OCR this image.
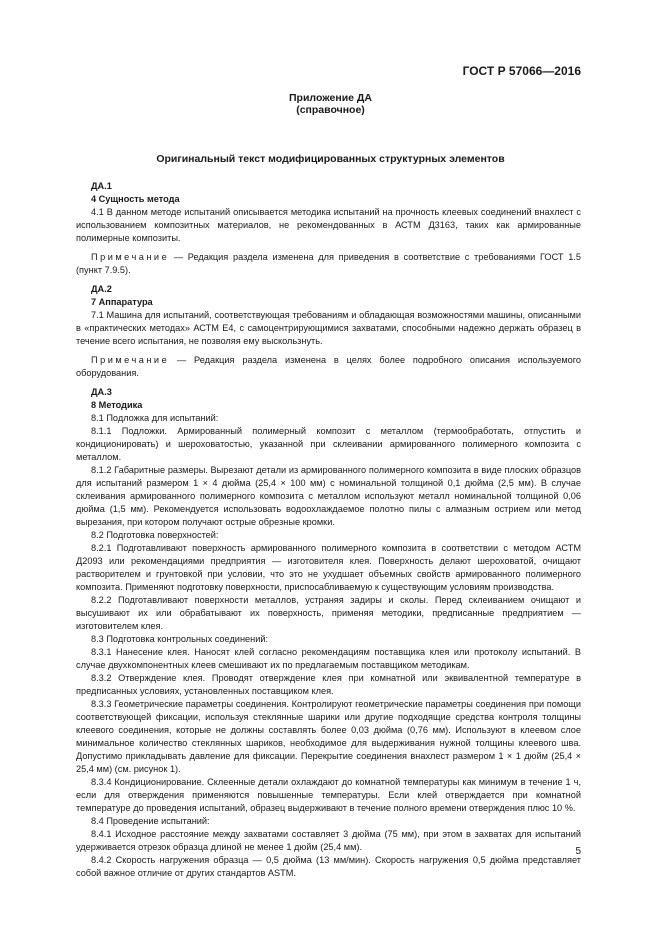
ГОСТ Р 57066—2016
Приложение ДА
(справочное)
Оригинальный текст модифицированных структурных элементов

ДА.1

4 Сущность метода

4.1 В данном методе испытаний описывается методика испытаний на прочность клеевых соединений внахлест с использованием композитных материалов, не рекомендованных в АСТМ Д3163, таких как армированные полимерные композиты.

Примечание — Редакция раздела изменена для приведения в соответствие с требованиями ГОСТ 1.5 (пункт 7.9.5).

ДА.2

7 Аппаратура

7.1 Машина для испытаний, соответствующая требованиям и обладающая возможностями машины, описанными в «практических методах» АСТМ Е4, с самоцентрирующимися захватами, способными надежно держать образец в течение всего испытания, не позволяя ему выскользнуть.

Примечание — Редакция раздела изменена в целях более подробного описания используемого оборудования.

ДА.3

8 Методика

8.1 Подложка для испытаний:

8.1.1 Подложки. Армированный полимерный композит с металлом (термообработать, отпустить и кондиционировать) и шероховатостью, указанной при склеивании армированного полимерного композита с металлом.

8.1.2 Габаритные размеры. Вырезают детали из армированного полимерного композита в виде плоских образцов для испытаний размером 1 × 4 дюйма (25,4 × 100 мм) с номинальной толщиной 0,1 дюйма (2,5 мм). В случае склеивания армированного полимерного композита с металлом используют металл номинальной толщиной 0,06 дюйма (1,5 мм). Рекомендуется использовать водоохлаждаемое полотно пилы с алмазным острием или метод вырезания, при котором получают острые обрезные кромки.

8.2 Подготовка поверхностей:

8.2.1 Подготавливают поверхность армированного полимерного композита в соответствии с методом АСТМ Д2093 или рекомендациями предприятия — изготовителя клея. Поверхность делают шероховатой, очищают растворителем и грунтовкой при условии, что это не ухудшает объемных свойств армированного полимерного композита. Применяют подготовку поверхности, приспосабливаемую к существующим условиям производства.

8.2.2 Подготавливают поверхности металлов, устраняя задиры и сколы. Перед склеиванием очищают и высушивают их или обрабатывают их поверхность, применяя методики, предписанные предприятием — изготовителем клея.

8.3 Подготовка контрольных соединений:

8.3.1 Нанесение клея. Наносят клей согласно рекомендациям поставщика клея или протоколу испытаний. В случае двухкомпонентных клеев смешивают их по предлагаемым поставщиком методикам.

8.3.2 Отверждение клея. Проводят отверждение клея при комнатной или эквивалентной температуре в предписанных условиях, установленных поставщиком клея.

8.3.3 Геометрические параметры соединения. Контролируют геометрические параметры соединения при помощи соответствующей фиксации, используя стеклянные шарики или другие подходящие средства контроля толщины клеевого соединения, которые не должны составлять более 0,03 дюйма (0,76 мм). Используют в клеевом слое минимальное количество стеклянных шариков, необходимое для выдерживания нужной толщины клеевого шва. Допустимо прикладывать давление для фиксации. Перекрытие соединения внахлест размером 1 × 1 дюйм (25,4 × 25,4 мм) (см. рисунок 1).

8.3.4 Кондиционирование. Склеенные детали охлаждают до комнатной температуры как минимум в течение 1 ч, если для отверждения применяются повышенные температуры. Если клей отверждается при комнатной температуре до проведения испытаний, образец выдерживают в течение полного времени отверждения плюс 10 %.

8.4 Проведение испытаний:

8.4.1 Исходное расстояние между захватами составляет 3 дюйма (75 мм), при этом в захватах для испытаний удерживается отрезок образца длиной не менее 1 дюйм (25,4 мм).

8.4.2 Скорость нагружения образца — 0,5 дюйма (13 мм/мин). Скорость нагружения 0,5 дюйма представляет собой важное отличие от других стандартов ASTM.

5
